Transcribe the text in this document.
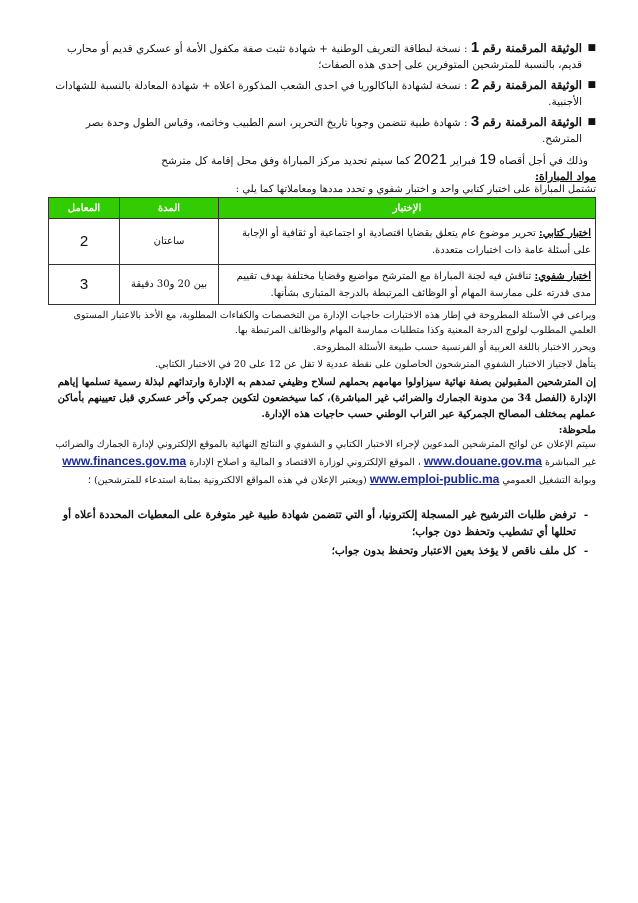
■

الوثيقة المرقمنة رقم 1 : نسخة لبطاقة التعريف الوطنية + شهادة تثبت صفة مكفول الأمة أو عسكري قديم أو محارب قديم، بالنسبة للمترشحين المتوفرين على إحدى هذه الصفات؛

■

الوثيقة المرقمنة رقم 2 : نسخة لشهادة الباكالوريا في احدى الشعب المذكورة اعلاه + شهادة المعادلة بالنسبة للشهادات الأجنبية.

■

الوثيقة المرقمنة رقم 3 : شهادة طبية تتضمن وجوبا تاريخ التحرير، اسم الطبيب وخاتمه، وقياس الطول وحدة بصر المترشح.

وذلك في أجل أقصاه 19 فبراير 2021 كما سيتم تحديد مركز المباراة وفق محل إقامة كل مترشح

مواد المباراة:

تشتمل المباراة على اختبار كتابي واحد و اختبار شفوي و تحدد مددها ومعاملاتها كما يلي :

الإختبار	المدة	المعامل
اختبار كتابي: تحرير موضوع عام يتعلق بقضايا اقتصادية او اجتماعية أو ثقافية أو الإجابة على أسئلة عامة ذات اختبارات متعددة.	ساعتان	2
اختبار شفوي: تناقش فيه لجنة المباراة مع المترشح مواضيع وقضايا مختلفة بهدف تقييم مدى قدرته على ممارسة المهام أو الوظائف المرتبطة بالدرجة المتبارى بشأنها.	بين 20 و30 دقيقة	3

ويراعى في الأسئلة المطروحة في إطار هذه الاختبارات حاجيات الإدارة من التخصصات والكفاءات المطلوبة، مع الأخذ بالاعتبار المستوى العلمي المطلوب لولوج الدرجة المعنية وكذا متطلبات ممارسة المهام والوظائف المرتبطة بها.

ويحرر الاختبار باللغة العربية أو الفرنسية حسب طبيعة الأسئلة المطروحة.

يتأهل لاجتياز الاختبار الشفوي المترشحون الحاصلون على نقطة عددية لا تقل عن 12 على 20 في الاختبار الكتابي.

إن المترشحين المقبولين بصفة نهائية سيزاولوا مهامهم بحملهم لسلاح وظيفي تمدهم به الإدارة وارتدائهم لبذلة رسمية تسلمها إياهم الإدارة (الفصل 34 من مدونة الجمارك والضرائب غير المباشرة)، كما سيخضعون لتكوين جمركي وآخر عسكري قبل تعيينهم بأماكن عملهم بمختلف المصالح الجمركية عبر التراب الوطني حسب حاجيات هذه الإدارة.

ملحوظة:

سيتم الإعلان عن لوائح المترشحين المدعوين لإجراء الاختبار الكتابي و الشفوي و النتائج النهائية بالموقع الإلكتروني لإدارة الجمارك والضرائب غير المباشرة www.douane.gov.ma ، الموقع الإلكتروني لوزارة الاقتصاد و المالية و اصلاح الإدارة www.finances.gov.ma وبوابة التشغيل العمومي www.emploi-public.ma (ويعتبر الإعلان في هذه المواقع الالكترونية بمثابة استدعاء للمترشحين) ؛

-

ترفض طلبات الترشيح غير المسجلة إلكترونيا، أو التي تتضمن شهادة طبية غير متوفرة على المعطيات المحددة أعلاه أو تحللها أي تشطيب وتحفظ دون جواب؛

-

كل ملف ناقص لا يؤخذ بعين الاعتبار وتحفظ بدون جواب؛
